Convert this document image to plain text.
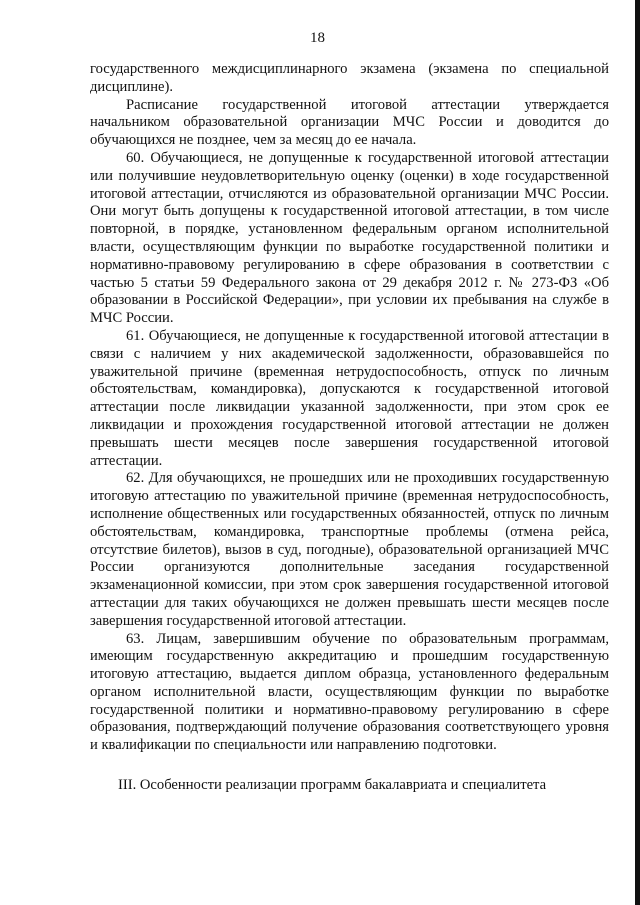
18

государственного междисциплинарного экзамена (экзамена по специальной дисциплине).

Расписание государственной итоговой аттестации утверждается начальником образовательной организации МЧС России и доводится до обучающихся не позднее, чем за месяц до ее начала.

60. Обучающиеся, не допущенные к государственной итоговой аттестации или получившие неудовлетворительную оценку (оценки) в ходе государственной итоговой аттестации, отчисляются из образовательной организации МЧС России. Они могут быть допущены к государственной итоговой аттестации, в том числе повторной, в порядке, установленном федеральным органом исполнительной власти, осуществляющим функции по выработке государственной политики и нормативно-правовому регулированию в сфере образования в соответствии с частью 5 статьи 59 Федерального закона от 29 декабря 2012 г. № 273-ФЗ «Об образовании в Российской Федерации», при условии их пребывания на службе в МЧС России.

61. Обучающиеся, не допущенные к государственной итоговой аттестации в связи с наличием у них академической задолженности, образовавшейся по уважительной причине (временная нетрудоспособность, отпуск по личным обстоятельствам, командировка), допускаются к государственной итоговой аттестации после ликвидации указанной задолженности, при этом срок ее ликвидации и прохождения государственной итоговой аттестации не должен превышать шести месяцев после завершения государственной итоговой аттестации.

62. Для обучающихся, не прошедших или не проходивших государственную итоговую аттестацию по уважительной причине (временная нетрудоспособность, исполнение общественных или государственных обязанностей, отпуск по личным обстоятельствам, командировка, транспортные проблемы (отмена рейса, отсутствие билетов), вызов в суд, погодные), образовательной организацией МЧС России организуются дополнительные заседания государственной экзаменационной комиссии, при этом срок завершения государственной итоговой аттестации для таких обучающихся не должен превышать шести месяцев после завершения государственной итоговой аттестации.

63. Лицам, завершившим обучение по образовательным программам, имеющим государственную аккредитацию и прошедшим государственную итоговую аттестацию, выдается диплом образца, установленного федеральным органом исполнительной власти, осуществляющим функции по выработке государственной политики и нормативно-правовому регулированию в сфере образования, подтверждающий получение образования соответствующего уровня и квалификации по специальности или направлению подготовки.

III. Особенности реализации программ бакалавриата и специалитета
